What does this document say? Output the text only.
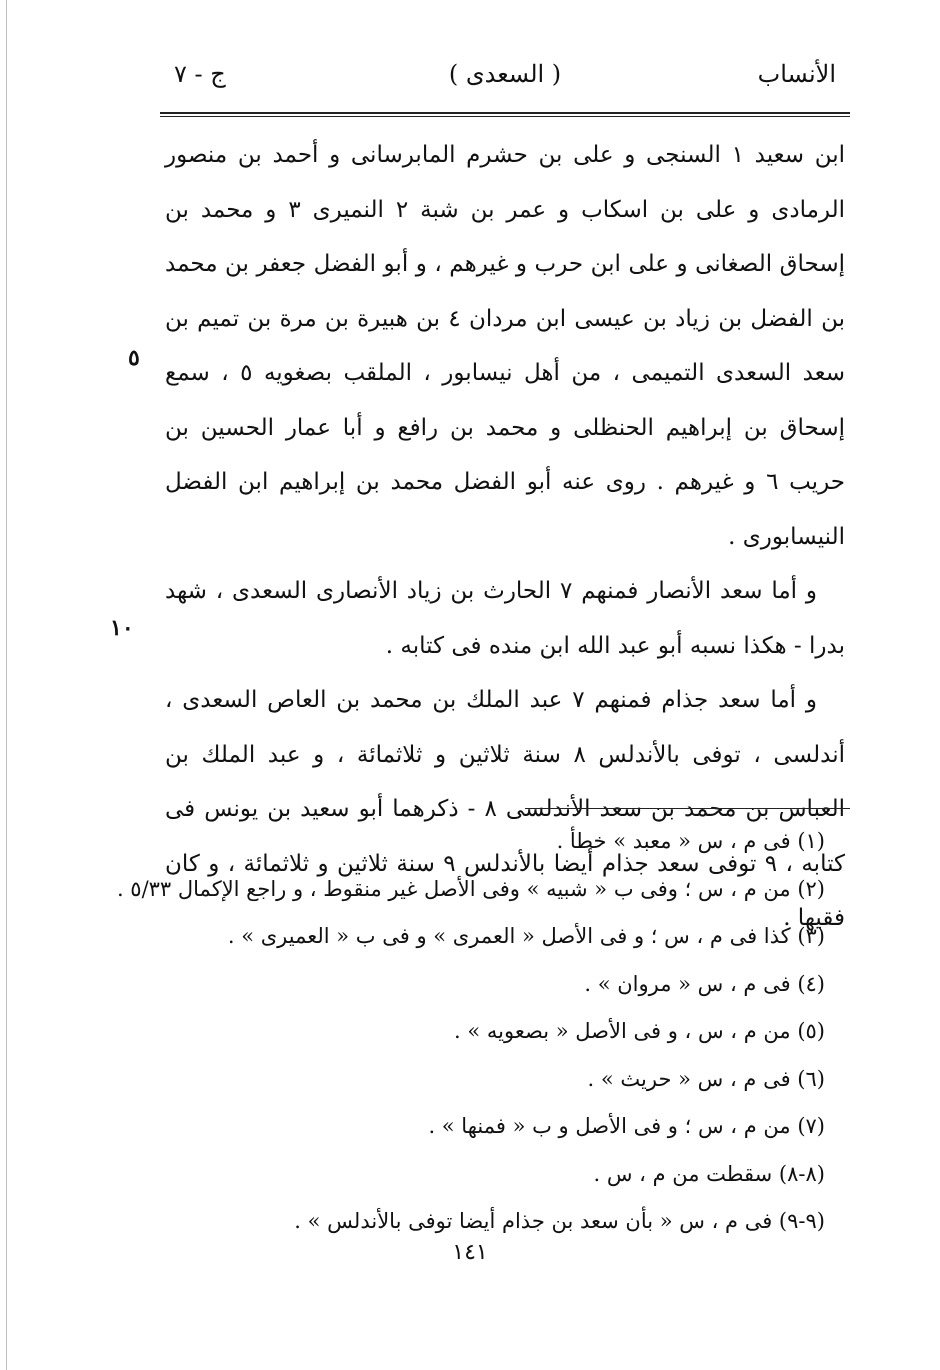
الأنساب
( السعدى )
ج - ٧

ابن سعيد ١ السنجى و على بن حشرم المابرسانى و أحمد بن منصور الرمادى و على بن اسكاب و عمر بن شبة ٢ النميرى ٣ و محمد بن إسحاق الصغانى و على ابن حرب و غيرهم ، و أبو الفضل جعفر بن محمد بن الفضل بن زياد بن عيسى ابن مردان ٤ بن هبيرة بن مرة بن تميم بن سعد السعدى التميمى ، من أهل نيسابور ، الملقب بصغويه ٥ ، سمع إسحاق بن إبراهيم الحنظلى و محمد بن رافع و أبا عمار الحسين بن حريب ٦ و غيرهم . روى عنه أبو الفضل محمد بن إبراهيم ابن الفضل النيسابورى .

و أما سعد الأنصار فمنهم ٧ الحارث بن زياد الأنصارى السعدى ، شهد بدرا - هكذا نسبه أبو عبد الله ابن منده فى كتابه .

و أما سعد جذام فمنهم ٧ عبد الملك بن محمد بن العاص السعدى ، أندلسى ، توفى بالأندلس ٨ سنة ثلاثين و ثلاثمائة ، و عبد الملك بن العباس بن محمد بن سعد الأندلسى ٨ - ذكرهما أبو سعيد بن يونس فى كتابه ، ٩ توفى سعد جذام أيضا بالأندلس ٩ سنة ثلاثين و ثلاثمائة ، و كان فقيها .

٥
١٠

(١) فى م ، س « معبد » خطأ .

(٢) من م ، س ؛ وفى ب « شبيه » وفى الأصل غير منقوط ، و راجع الإكمال ٥/٣٣ .

(٣) كذا فى م ، س ؛ و فى الأصل « العمرى » و فى ب « العميرى » .

(٤) فى م ، س « مروان » .

(٥) من م ، س ، و فى الأصل « بصعويه » .

(٦) فى م ، س « حريث » .

(٧) من م ، س ؛ و فى الأصل و ب « فمنها » .

(٨-٨) سقطت من م ، س .

(٩-٩) فى م ، س « بأن سعد بن جذام أيضا توفى بالأندلس » .

١٤١
